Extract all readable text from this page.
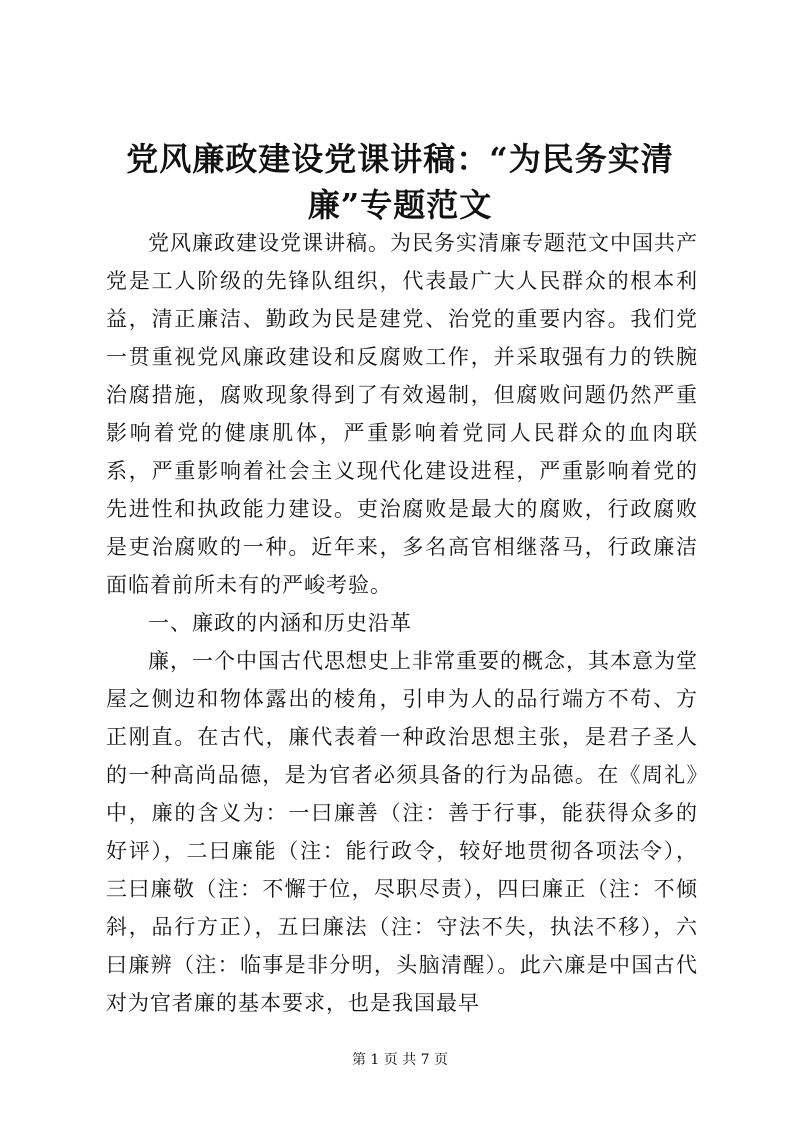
党风廉政建设党课讲稿：“为民务实清廉”专题范文

党风廉政建设党课讲稿。为民务实清廉专题范文中国共产党是工人阶级的先锋队组织，代表最广大人民群众的根本利益，清正廉洁、勤政为民是建党、治党的重要内容。我们党一贯重视党风廉政建设和反腐败工作，并采取强有力的铁腕治腐措施，腐败现象得到了有效遏制，但腐败问题仍然严重影响着党的健康肌体，严重影响着党同人民群众的血肉联系，严重影响着社会主义现代化建设进程，严重影响着党的先进性和执政能力建设。吏治腐败是最大的腐败，行政腐败是吏治腐败的一种。近年来，多名高官相继落马，行政廉洁面临着前所未有的严峻考验。

一、廉政的内涵和历史沿革

廉，一个中国古代思想史上非常重要的概念，其本意为堂屋之侧边和物体露出的棱角，引申为人的品行端方不苟、方正刚直。在古代，廉代表着一种政治思想主张，是君子圣人的一种高尚品德，是为官者必须具备的行为品德。在《周礼》中，廉的含义为：一曰廉善（注：善于行事，能获得众多的好评），二曰廉能（注：能行政令，较好地贯彻各项法令），三曰廉敬（注：不懈于位，尽职尽责），四曰廉正（注：不倾斜，品行方正），五曰廉法（注：守法不失，执法不移），六曰廉辨（注：临事是非分明，头脑清醒）。此六廉是中国古代对为官者廉的基本要求，也是我国最早

第 1 页 共 7 页
